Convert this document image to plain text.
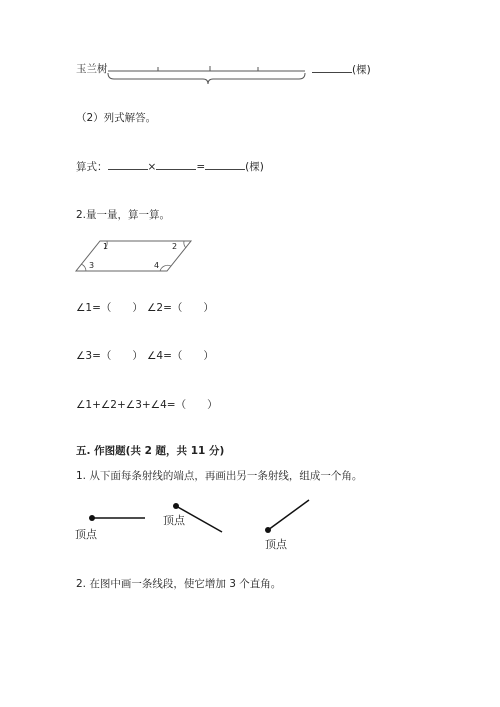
玉兰树	(棵)
（2）列式解答。
算式：	×	=	(棵)
2.量一量，算一算。
1	2
3	4
∠1=（　　） ∠2=（　　）
∠3=（　　） ∠4=（　　）
∠1+∠2+∠3+∠4=（　　）
五. 作图题(共 2 题，共 11 分)
1. 从下面每条射线的端点，再画出另一条射线，组成一个角。
顶点
顶点
顶点
2. 在图中画一条线段，使它增加 3 个直角。
